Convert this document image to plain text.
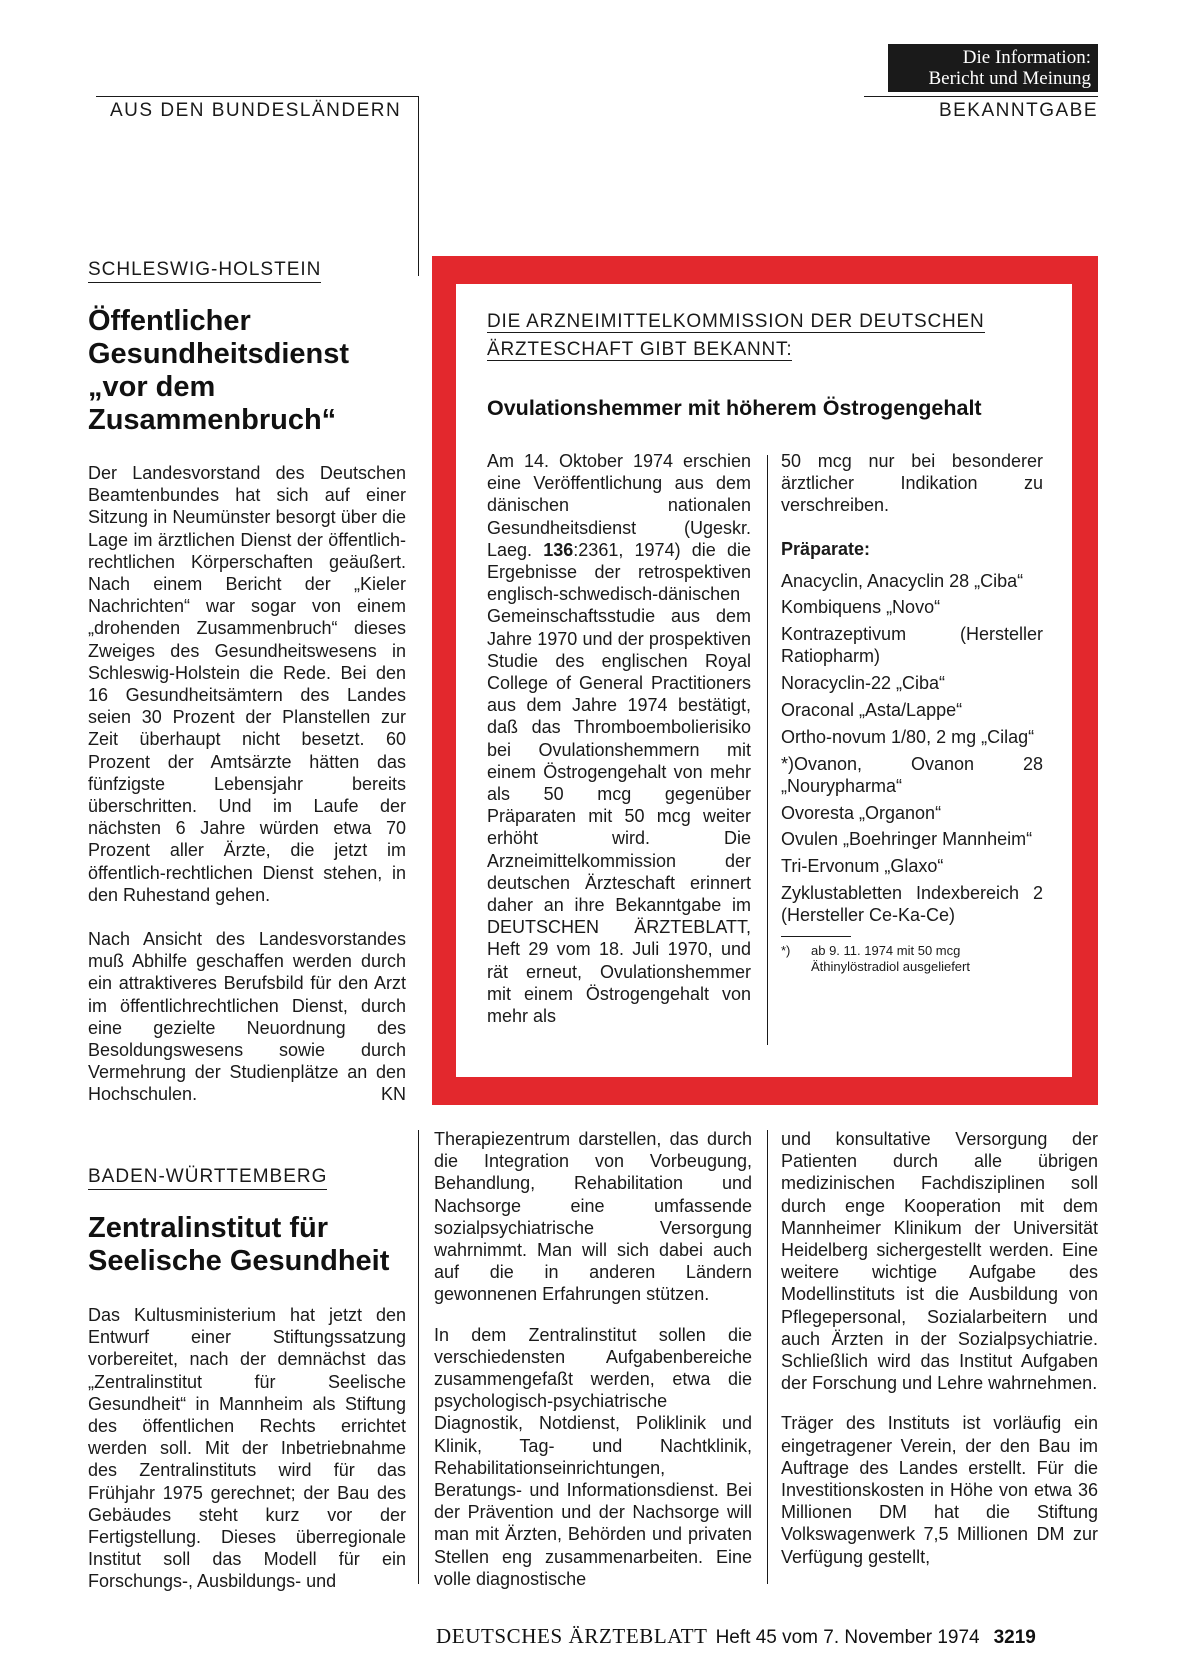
Die Information:
Bericht und Meinung
AUS DEN BUNDESLÄNDERN	BEKANNTGABE
SCHLESWIG-HOLSTEIN
Öffentlicher Gesundheitsdienst „vor dem Zusammenbruch“
Der Landesvorstand des Deutschen Beamtenbundes hat sich auf einer Sitzung in Neumünster besorgt über die Lage im ärztlichen Dienst der öffentlich-rechtlichen Körperschaften geäußert. Nach einem Bericht der „Kieler Nachrichten“ war sogar von einem „drohenden Zusammenbruch“ dieses Zweiges des Gesundheitswesens in Schleswig-Holstein die Rede. Bei den 16 Gesundheitsämtern des Landes seien 30 Prozent der Planstellen zur Zeit überhaupt nicht besetzt. 60 Prozent der Amtsärzte hätten das fünfzigste Lebensjahr bereits überschritten. Und im Laufe der nächsten 6 Jahre würden etwa 70 Prozent aller Ärzte, die jetzt im öffentlich-rechtlichen Dienst stehen, in den Ruhestand gehen.
Nach Ansicht des Landesvorstandes muß Abhilfe geschaffen werden durch ein attraktiveres Berufsbild für den Arzt im öffentlichrechtlichen Dienst, durch eine gezielte Neuordnung des Besoldungswesens sowie durch Vermehrung der Studienplätze an den Hochschulen.	KN
BADEN-WÜRTTEMBERG
Zentralinstitut für Seelische Gesundheit
Das Kultusministerium hat jetzt den Entwurf einer Stiftungssatzung vorbereitet, nach der demnächst das „Zentralinstitut für Seelische Gesundheit“ in Mannheim als Stiftung des öffentlichen Rechts errichtet werden soll. Mit der Inbetriebnahme des Zentralinstituts wird für das Frühjahr 1975 gerechnet; der Bau des Gebäudes steht kurz vor der Fertigstellung. Dieses überregionale Institut soll das Modell für ein Forschungs-, Ausbildungs- und
Therapiezentrum darstellen, das durch die Integration von Vorbeugung, Behandlung, Rehabilitation und Nachsorge eine umfassende sozialpsychiatrische Versorgung wahrnimmt. Man will sich dabei auch auf die in anderen Ländern gewonnenen Erfahrungen stützen.
In dem Zentralinstitut sollen die verschiedensten Aufgabenbereiche zusammengefaßt werden, etwa die psychologisch-psychiatrische Diagnostik, Notdienst, Poliklinik und Klinik, Tag- und Nachtklinik, Rehabilitationseinrichtungen, Beratungs- und Informationsdienst. Bei der Prävention und der Nachsorge will man mit Ärzten, Behörden und privaten Stellen eng zusammenarbeiten. Eine volle diagnostische
und konsultative Versorgung der Patienten durch alle übrigen medizinischen Fachdisziplinen soll durch enge Kooperation mit dem Mannheimer Klinikum der Universität Heidelberg sichergestellt werden. Eine weitere wichtige Aufgabe des Modellinstituts ist die Ausbildung von Pflegepersonal, Sozialarbeitern und auch Ärzten in der Sozialpsychiatrie. Schließlich wird das Institut Aufgaben der Forschung und Lehre wahrnehmen.
Träger des Instituts ist vorläufig ein eingetragener Verein, der den Bau im Auftrage des Landes erstellt. Für die Investitionskosten in Höhe von etwa 36 Millionen DM hat die Stiftung Volkswagenwerk 7,5 Millionen DM zur Verfügung gestellt,
DIE ARZNEIMITTELKOMMISSION DER DEUTSCHEN
ÄRZTESCHAFT GIBT BEKANNT:
Ovulationshemmer mit höherem Östrogengehalt
Am 14. Oktober 1974 erschien eine Veröffentlichung aus dem dänischen nationalen Gesundheitsdienst (Ugeskr. Laeg. 136:2361, 1974) die die Ergebnisse der retrospektiven englisch-schwedisch-dänischen Gemeinschaftsstudie aus dem Jahre 1970 und der prospektiven Studie des englischen Royal College of General Practitioners aus dem Jahre 1974 bestätigt, daß das Thromboembolierisiko bei Ovulationshemmern mit einem Östrogengehalt von mehr als 50 mcg gegenüber Präparaten mit 50 mcg weiter erhöht wird. Die Arzneimittelkommission der deutschen Ärzteschaft erinnert daher an ihre Bekanntgabe im DEUTSCHEN ÄRZTEBLATT, Heft 29 vom 18. Juli 1970, und rät erneut, Ovulationshemmer mit einem Östrogengehalt von mehr als
50 mcg nur bei besonderer ärztlicher Indikation zu verschreiben.
Präparate:
Anacyclin, Anacyclin 28 „Ciba“
Kombiquens „Novo“
Kontrazeptivum (Hersteller Ratiopharm)
Noracyclin-22 „Ciba“
Oraconal „Asta/Lappe“
Ortho-novum 1/80, 2 mg „Cilag“
*)Ovanon, Ovanon 28 „Nourypharma“
Ovoresta „Organon“
Ovulen „Boehringer Mannheim“
Tri-Ervonum „Glaxo“
Zyklustabletten Indexbereich 2 (Hersteller Ce-Ka-Ce)
*)	ab 9. 11. 1974 mit 50 mcg Äthinylöstradiol ausgeliefert
DEUTSCHES ÄRZTEBLATT Heft 45 vom 7. November 1974 3219
